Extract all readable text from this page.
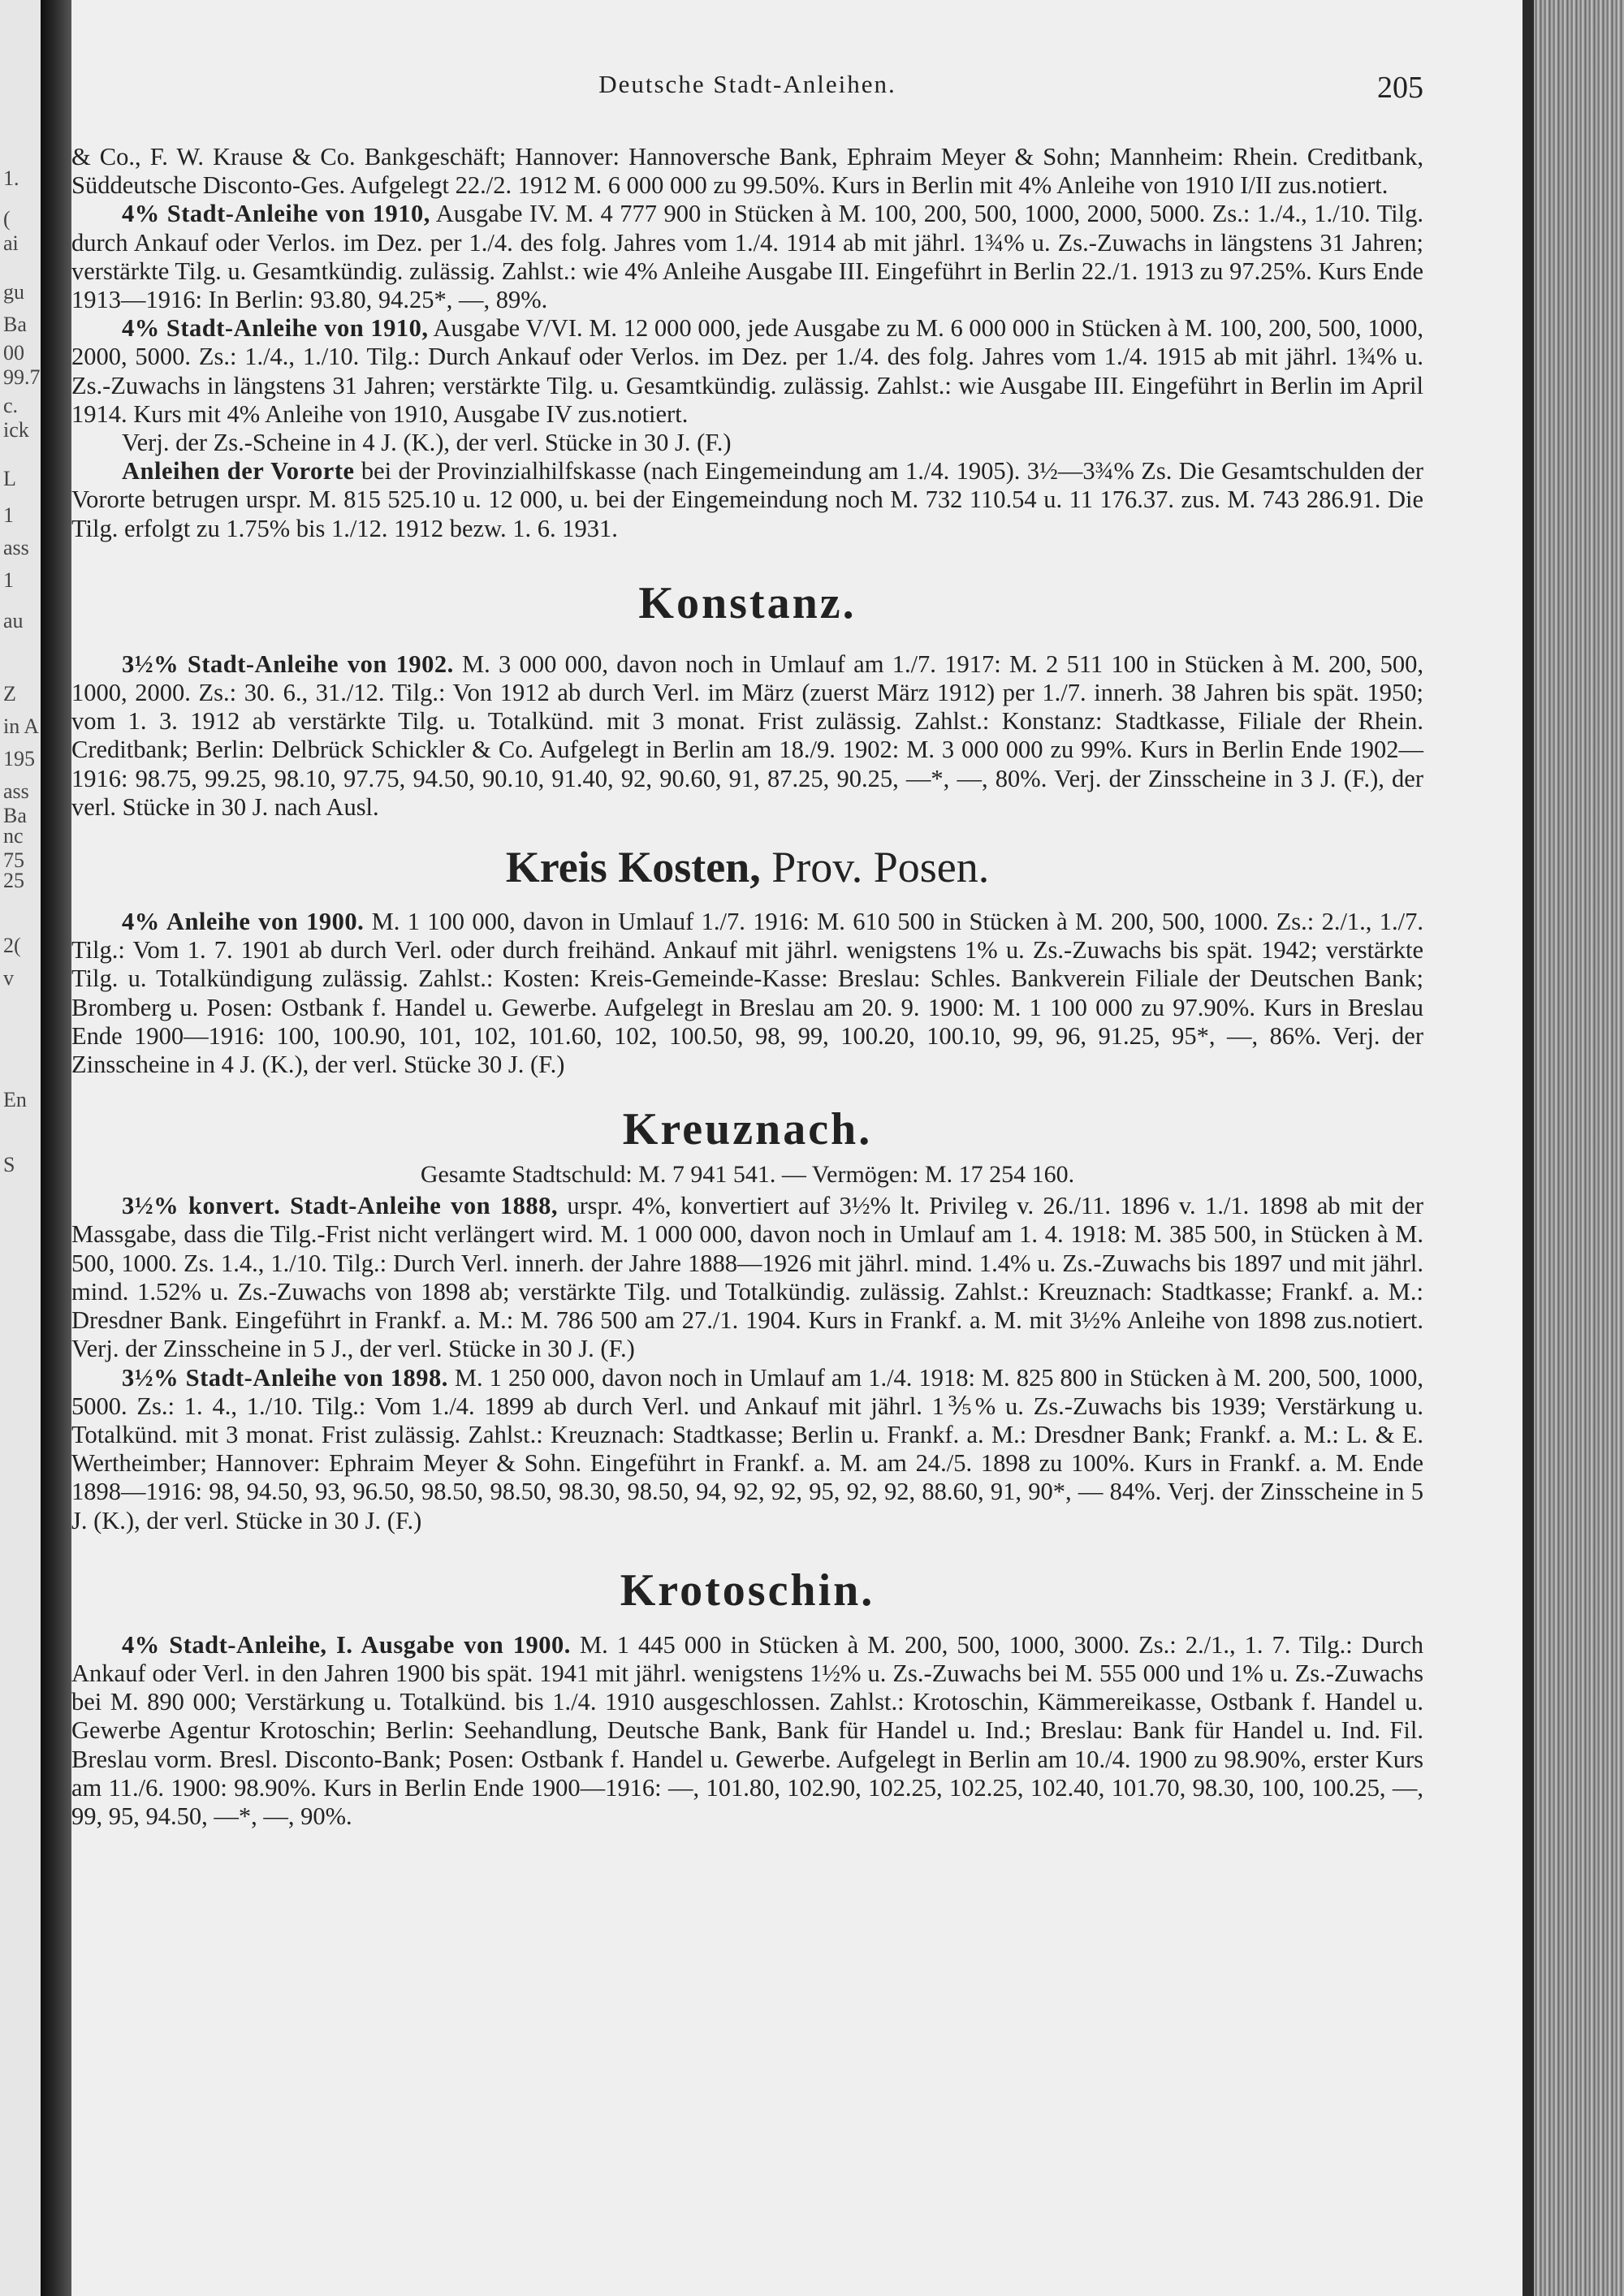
1.
(
ai
gu
Ba
00
99.7
c.
ick
L
1
ass
1
au
Z
in A
195
ass
Ba
nc
75
25
2(
v
En
S
Deutsche Stadt-Anleihen.	205

& Co., F. W. Krause & Co. Bankgeschäft; Hannover: Hannoversche Bank, Ephraim Meyer & Sohn; Mannheim: Rhein. Creditbank, Süddeutsche Disconto-Ges. Aufgelegt 22./2. 1912 M. 6 000 000 zu 99.50%. Kurs in Berlin mit 4% Anleihe von 1910 I/II zus.notiert.

4% Stadt-Anleihe von 1910, Ausgabe IV. M. 4 777 900 in Stücken à M. 100, 200, 500, 1000, 2000, 5000. Zs.: 1./4., 1./10. Tilg. durch Ankauf oder Verlos. im Dez. per 1./4. des folg. Jahres vom 1./4. 1914 ab mit jährl. 1¾% u. Zs.-Zuwachs in längstens 31 Jahren; verstärkte Tilg. u. Gesamtkündig. zulässig. Zahlst.: wie 4% Anleihe Ausgabe III. Eingeführt in Berlin 22./1. 1913 zu 97.25%. Kurs Ende 1913—1916: In Berlin: 93.80, 94.25*, —, 89%.

4% Stadt-Anleihe von 1910, Ausgabe V/VI. M. 12 000 000, jede Ausgabe zu M. 6 000 000 in Stücken à M. 100, 200, 500, 1000, 2000, 5000. Zs.: 1./4., 1./10. Tilg.: Durch Ankauf oder Verlos. im Dez. per 1./4. des folg. Jahres vom 1./4. 1915 ab mit jährl. 1¾% u. Zs.-Zuwachs in längstens 31 Jahren; verstärkte Tilg. u. Gesamtkündig. zulässig. Zahlst.: wie Ausgabe III. Eingeführt in Berlin im April 1914. Kurs mit 4% Anleihe von 1910, Ausgabe IV zus.notiert.

Verj. der Zs.-Scheine in 4 J. (K.), der verl. Stücke in 30 J. (F.)

Anleihen der Vororte bei der Provinzialhilfskasse (nach Eingemeindung am 1./4. 1905). 3½—3¾% Zs. Die Gesamtschulden der Vororte betrugen urspr. M. 815 525.10 u. 12 000, u. bei der Eingemeindung noch M. 732 110.54 u. 11 176.37. zus. M. 743 286.91. Die Tilg. erfolgt zu 1.75% bis 1./12. 1912 bezw. 1. 6. 1931.

Konstanz.

3½% Stadt-Anleihe von 1902. M. 3 000 000, davon noch in Umlauf am 1./7. 1917: M. 2 511 100 in Stücken à M. 200, 500, 1000, 2000. Zs.: 30. 6., 31./12. Tilg.: Von 1912 ab durch Verl. im März (zuerst März 1912) per 1./7. innerh. 38 Jahren bis spät. 1950; vom 1. 3. 1912 ab verstärkte Tilg. u. Totalkünd. mit 3 monat. Frist zulässig. Zahlst.: Konstanz: Stadtkasse, Filiale der Rhein. Creditbank; Berlin: Delbrück Schickler & Co. Aufgelegt in Berlin am 18./9. 1902: M. 3 000 000 zu 99%. Kurs in Berlin Ende 1902—1916: 98.75, 99.25, 98.10, 97.75, 94.50, 90.10, 91.40, 92, 90.60, 91, 87.25, 90.25, —*, —, 80%. Verj. der Zinsscheine in 3 J. (F.), der verl. Stücke in 30 J. nach Ausl.

Kreis Kosten, Prov. Posen.

4% Anleihe von 1900. M. 1 100 000, davon in Umlauf 1./7. 1916: M. 610 500 in Stücken à M. 200, 500, 1000. Zs.: 2./1., 1./7. Tilg.: Vom 1. 7. 1901 ab durch Verl. oder durch freihänd. Ankauf mit jährl. wenigstens 1% u. Zs.-Zuwachs bis spät. 1942; verstärkte Tilg. u. Totalkündigung zulässig. Zahlst.: Kosten: Kreis-Gemeinde-Kasse: Breslau: Schles. Bankverein Filiale der Deutschen Bank; Bromberg u. Posen: Ostbank f. Handel u. Gewerbe. Aufgelegt in Breslau am 20. 9. 1900: M. 1 100 000 zu 97.90%. Kurs in Breslau Ende 1900—1916: 100, 100.90, 101, 102, 101.60, 102, 100.50, 98, 99, 100.20, 100.10, 99, 96, 91.25, 95*, —, 86%. Verj. der Zinsscheine in 4 J. (K.), der verl. Stücke 30 J. (F.)

Kreuznach.
Gesamte Stadtschuld: M. 7 941 541. — Vermögen: M. 17 254 160.

3½% konvert. Stadt-Anleihe von 1888, urspr. 4%, konvertiert auf 3½% lt. Privileg v. 26./11. 1896 v. 1./1. 1898 ab mit der Massgabe, dass die Tilg.-Frist nicht verlängert wird. M. 1 000 000, davon noch in Umlauf am 1. 4. 1918: M. 385 500, in Stücken à M. 500, 1000. Zs. 1.4., 1./10. Tilg.: Durch Verl. innerh. der Jahre 1888—1926 mit jährl. mind. 1.4% u. Zs.-Zuwachs bis 1897 und mit jährl. mind. 1.52% u. Zs.-Zuwachs von 1898 ab; verstärkte Tilg. und Totalkündig. zulässig. Zahlst.: Kreuznach: Stadtkasse; Frankf. a. M.: Dresdner Bank. Eingeführt in Frankf. a. M.: M. 786 500 am 27./1. 1904. Kurs in Frankf. a. M. mit 3½% Anleihe von 1898 zus.notiert. Verj. der Zinsscheine in 5 J., der verl. Stücke in 30 J. (F.)

3½% Stadt-Anleihe von 1898. M. 1 250 000, davon noch in Umlauf am 1./4. 1918: M. 825 800 in Stücken à M. 200, 500, 1000, 5000. Zs.: 1. 4., 1./10. Tilg.: Vom 1./4. 1899 ab durch Verl. und Ankauf mit jährl. 1⅗% u. Zs.-Zuwachs bis 1939; Verstärkung u. Totalkünd. mit 3 monat. Frist zulässig. Zahlst.: Kreuznach: Stadtkasse; Berlin u. Frankf. a. M.: Dresdner Bank; Frankf. a. M.: L. & E. Wertheimber; Hannover: Ephraim Meyer & Sohn. Eingeführt in Frankf. a. M. am 24./5. 1898 zu 100%. Kurs in Frankf. a. M. Ende 1898—1916: 98, 94.50, 93, 96.50, 98.50, 98.50, 98.30, 98.50, 94, 92, 92, 95, 92, 92, 88.60, 91, 90*, — 84%. Verj. der Zinsscheine in 5 J. (K.), der verl. Stücke in 30 J. (F.)

Krotoschin.

4% Stadt-Anleihe, I. Ausgabe von 1900. M. 1 445 000 in Stücken à M. 200, 500, 1000, 3000. Zs.: 2./1., 1. 7. Tilg.: Durch Ankauf oder Verl. in den Jahren 1900 bis spät. 1941 mit jährl. wenigstens 1½% u. Zs.-Zuwachs bei M. 555 000 und 1% u. Zs.-Zuwachs bei M. 890 000; Verstärkung u. Totalkünd. bis 1./4. 1910 ausgeschlossen. Zahlst.: Krotoschin, Kämmereikasse, Ostbank f. Handel u. Gewerbe Agentur Krotoschin; Berlin: Seehandlung, Deutsche Bank, Bank für Handel u. Ind.; Breslau: Bank für Handel u. Ind. Fil. Breslau vorm. Bresl. Disconto-Bank; Posen: Ostbank f. Handel u. Gewerbe. Aufgelegt in Berlin am 10./4. 1900 zu 98.90%, erster Kurs am 11./6. 1900: 98.90%. Kurs in Berlin Ende 1900—1916: —, 101.80, 102.90, 102.25, 102.25, 102.40, 101.70, 98.30, 100, 100.25, —, 99, 95, 94.50, —*, —, 90%.
